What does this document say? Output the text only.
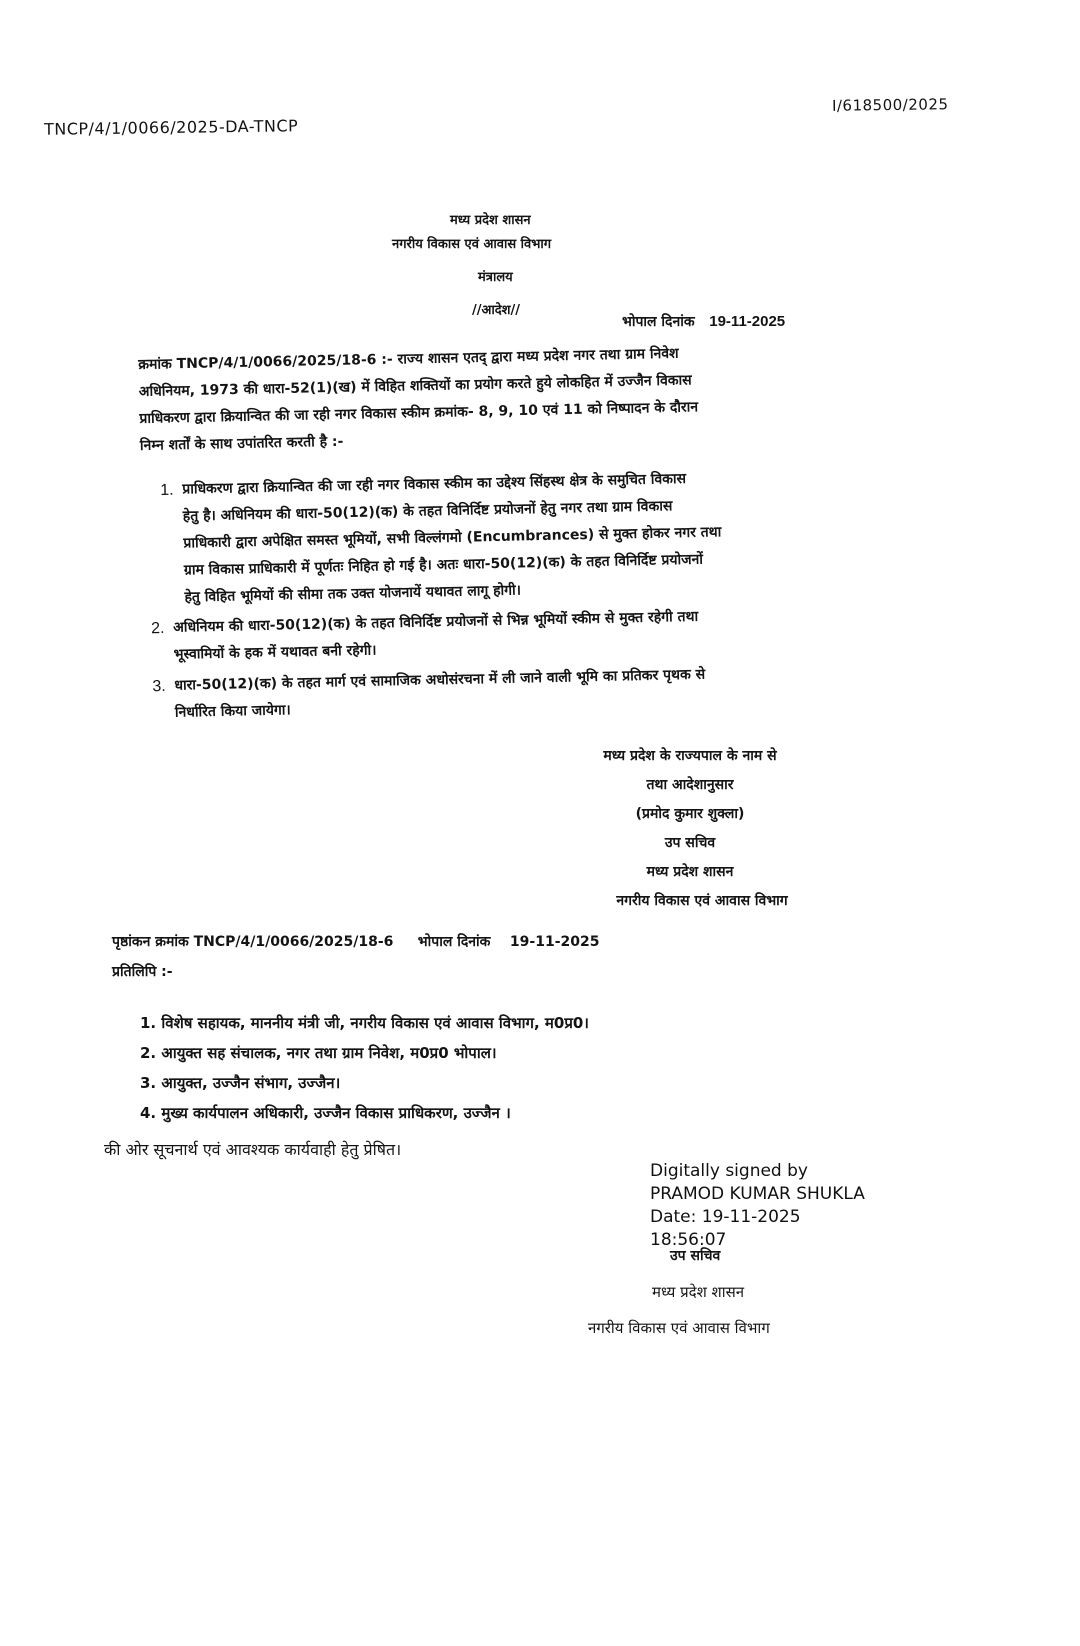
TNCP/4/1/0066/2025-DA-TNCP
I/618500/2025
मध्य प्रदेश शासन
नगरीय विकास एवं आवास विभाग
मंत्रालय
//आदेश//
भोपाल दिनांक 19-11-2025
क्रमांक TNCP/4/1/0066/2025/18-6 :- राज्य शासन एतद् द्वारा मध्य प्रदेश नगर तथा ग्राम निवेश
अधिनियम, 1973 की धारा-52(1)(ख) में विहित शक्तियों का प्रयोग करते हुये लोकहित में उज्जैन विकास
प्राधिकरण द्वारा क्रियान्वित की जा रही नगर विकास स्कीम क्रमांक- 8, 9, 10 एवं 11 को निष्पादन के दौरान
निम्न शर्तों के साथ उपांतरित करती है :-
1. प्राधिकरण द्वारा क्रियान्वित की जा रही नगर विकास स्कीम का उद्देश्य सिंहस्थ क्षेत्र के समुचित विकास
हेतु है। अधिनियम की धारा-50(12)(क) के तहत विनिर्दिष्ट प्रयोजनों हेतु नगर तथा ग्राम विकास
प्राधिकारी द्वारा अपेक्षित समस्त भूमियों, सभी विल्लंगमो (Encumbrances) से मुक्त होकर नगर तथा
ग्राम विकास प्राधिकारी में पूर्णतः निहित हो गई है। अतः धारा-50(12)(क) के तहत विनिर्दिष्ट प्रयोजनों
हेतु विहित भूमियों की सीमा तक उक्त योजनायें यथावत लागू होगी।
2. अधिनियम की धारा-50(12)(क) के तहत विनिर्दिष्ट प्रयोजनों से भिन्न भूमियों स्कीम से मुक्त रहेगी तथा
भूस्वामियों के हक में यथावत बनी रहेगी।
3. धारा-50(12)(क) के तहत मार्ग एवं सामाजिक अधोसंरचना में ली जाने वाली भूमि का प्रतिकर पृथक से
निर्धारित किया जायेगा।
मध्य प्रदेश के राज्यपाल के नाम से
तथा आदेशानुसार
(प्रमोद कुमार शुक्ला)
उप सचिव
मध्य प्रदेश शासन
नगरीय विकास एवं आवास विभाग
पृष्ठांकन क्रमांक TNCP/4/1/0066/2025/18-6 भोपाल दिनांक 19-11-2025
प्रतिलिपि :-
1. विशेष सहायक, माननीय मंत्री जी, नगरीय विकास एवं आवास विभाग, म0प्र0।
2. आयुक्त सह संचालक, नगर तथा ग्राम निवेश, म0प्र0 भोपाल।
3. आयुक्त, उज्जैन संभाग, उज्जैन।
4. मुख्य कार्यपालन अधिकारी, उज्जैन विकास प्राधिकरण, उज्जैन ।
की ओर सूचनार्थ एवं आवश्यक कार्यवाही हेतु प्रेषित।
Digitally signed by
PRAMOD KUMAR SHUKLA
Date: 19-11-2025
18:56:07
उप सचिव
मध्य प्रदेश शासन
नगरीय विकास एवं आवास विभाग
